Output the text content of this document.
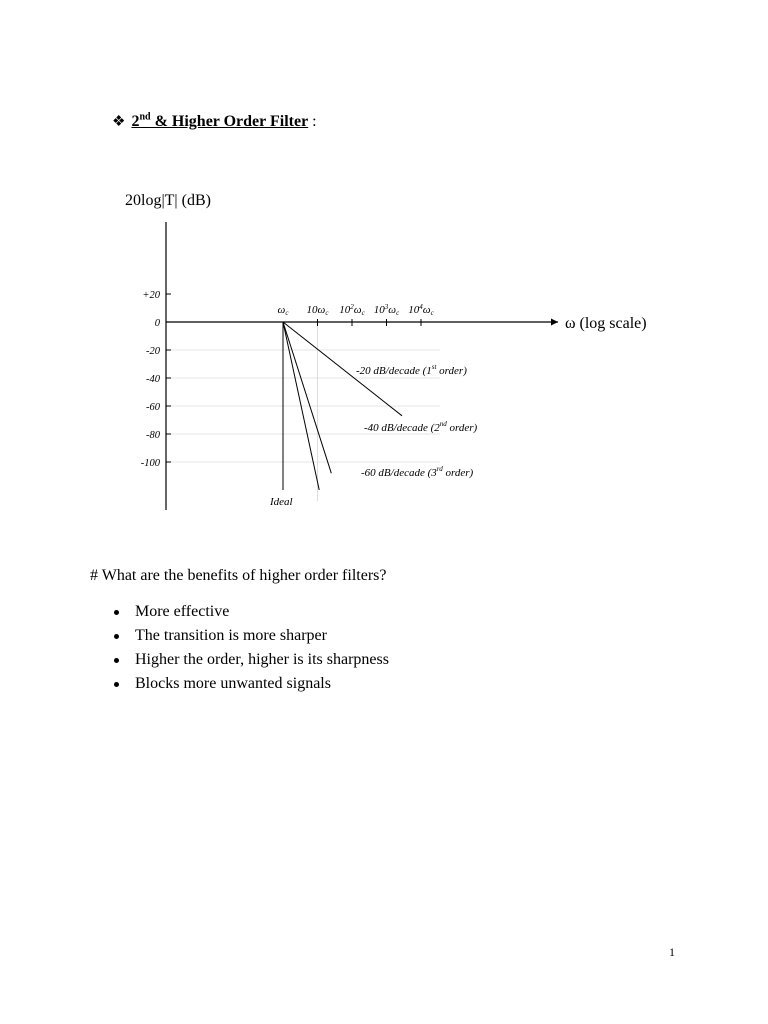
❖ 2nd & Higher Order Filter :
+20
0
-20
-40
-60
-80
-100
ωc 10ωc $10^2\omega c$ $10^3\omega c$ $10^4\omega c$
20log|T| (dB)
ω (log scale)
Ideal
-20 dB/decade (1st order)
-40 dB/decade (2nd order)
-60 dB/decade (3rd order)
# What are the benefits of higher order filters?
More effective
The transition is more sharper
Higher the order, higher is its sharpness
Blocks more unwanted signals
1
